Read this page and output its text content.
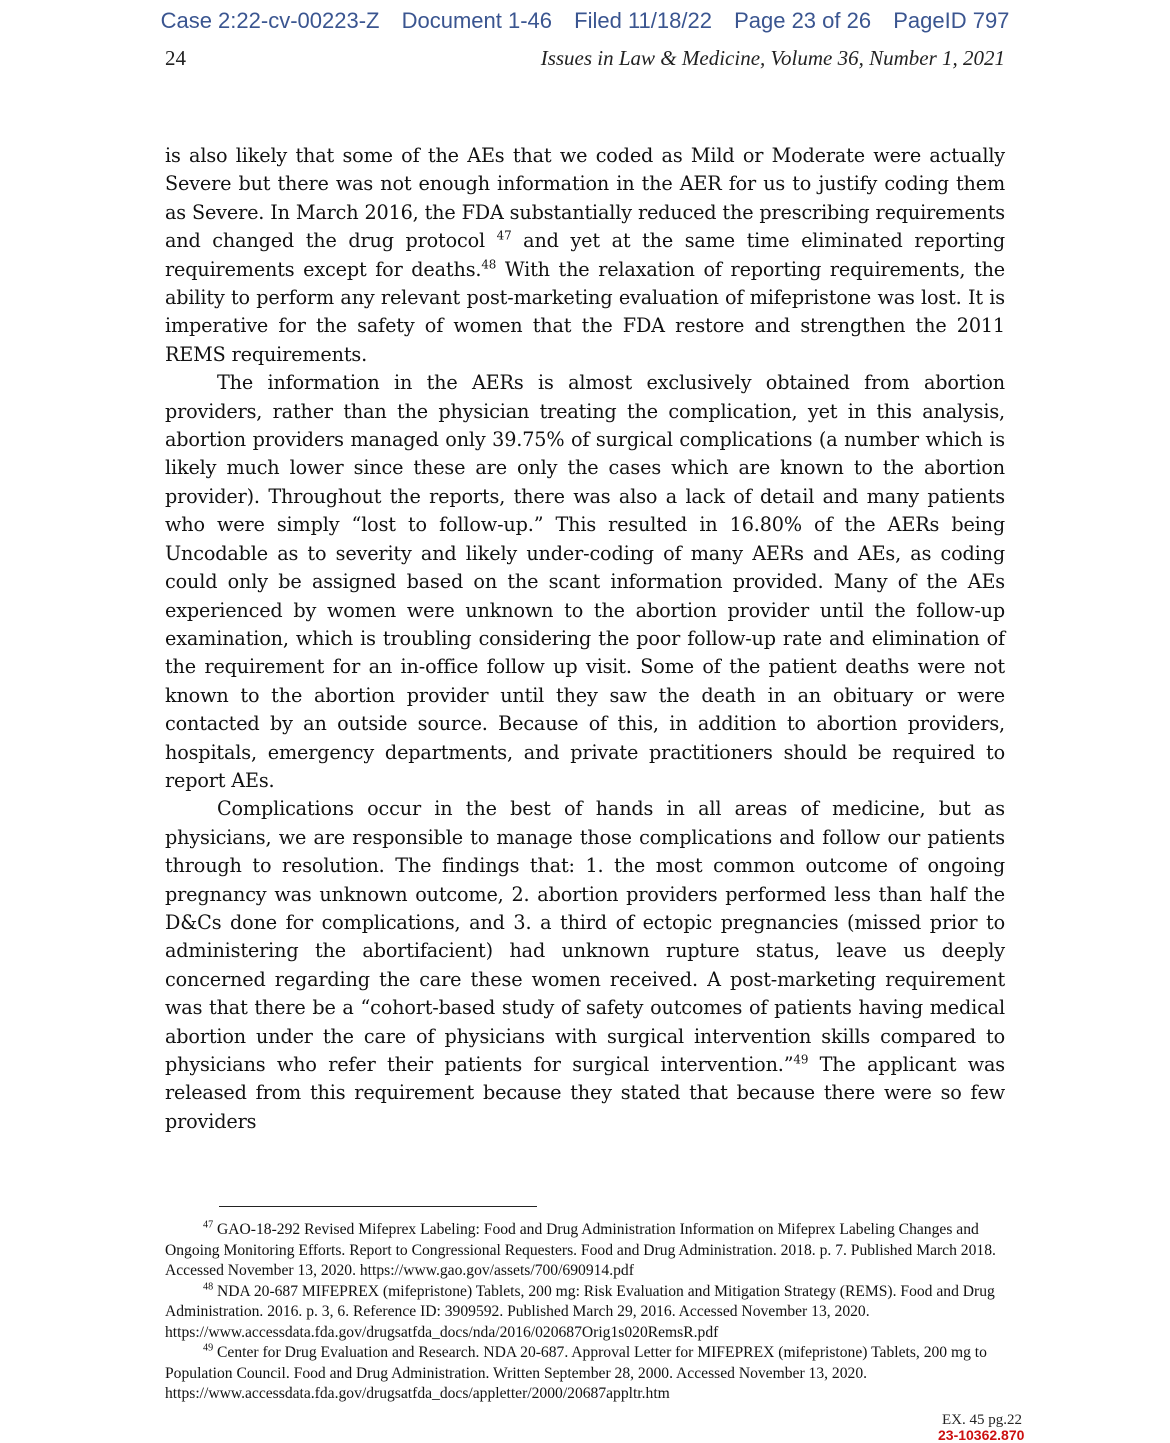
Case 2:22-cv-00223-Z Document 1-46 Filed 11/18/22 Page 23 of 26 PageID 797
24	Issues in Law & Medicine, Volume 36, Number 1, 2021

is also likely that some of the AEs that we coded as Mild or Moderate were actually Severe but there was not enough information in the AER for us to justify coding them as Severe. In March 2016, the FDA substantially reduced the prescribing requirements and changed the drug protocol $^{47}$ and yet at the same time eliminated reporting requirements except for deaths.$^{48}$ With the relaxation of reporting requirements, the ability to perform any relevant post-marketing evaluation of mifepristone was lost. It is imperative for the safety of women that the FDA restore and strengthen the 2011 REMS requirements.

The information in the AERs is almost exclusively obtained from abortion providers, rather than the physician treating the complication, yet in this analysis, abortion providers managed only 39.75% of surgical complications (a number which is likely much lower since these are only the cases which are known to the abortion provider). Throughout the reports, there was also a lack of detail and many patients who were simply “lost to follow-up.” This resulted in 16.80% of the AERs being Uncodable as to severity and likely under-coding of many AERs and AEs, as coding could only be assigned based on the scant information provided. Many of the AEs experienced by women were unknown to the abortion provider until the follow-up examination, which is troubling considering the poor follow-up rate and elimination of the requirement for an in-office follow up visit. Some of the patient deaths were not known to the abortion provider until they saw the death in an obituary or were contacted by an outside source. Because of this, in addition to abortion providers, hospitals, emergency departments, and private practitioners should be required to report AEs.

Complications occur in the best of hands in all areas of medicine, but as physicians, we are responsible to manage those complications and follow our patients through to resolution. The findings that: 1. the most common outcome of ongoing pregnancy was unknown outcome, 2. abortion providers performed less than half the D&Cs done for complications, and 3. a third of ectopic pregnancies (missed prior to administering the abortifacient) had unknown rupture status, leave us deeply concerned regarding the care these women received. A post-marketing requirement was that there be a “cohort-based study of safety outcomes of patients having medical abortion under the care of physicians with surgical intervention skills compared to physicians who refer their patients for surgical intervention.”$^{49}$ The applicant was released from this requirement because they stated that because there were so few providers

$^{47}$ GAO-18-292 Revised Mifeprex Labeling: Food and Drug Administration Information on Mifeprex Labeling Changes and Ongoing Monitoring Efforts. Report to Congressional Requesters. Food and Drug Administration. 2018. p. 7. Published March 2018. Accessed November 13, 2020. https://www.gao.gov/assets/700/690914.pdf

$^{48}$ NDA 20-687 MIFEPREX (mifepristone) Tablets, 200 mg: Risk Evaluation and Mitigation Strategy (REMS). Food and Drug Administration. 2016. p. 3, 6. Reference ID: 3909592. Published March 29, 2016. Accessed November 13, 2020. https://www.accessdata.fda.gov/drugsatfda_docs/nda/2016/020687Orig1s020RemsR.pdf

$^{49}$ Center for Drug Evaluation and Research. NDA 20-687. Approval Letter for MIFEPREX (mifepristone) Tablets, 200 mg to Population Council. Food and Drug Administration. Written September 28, 2000. Accessed November 13, 2020. https://www.accessdata.fda.gov/drugsatfda_docs/appletter/2000/20687appltr.htm

EX. 45 pg.22
23-10362.870
